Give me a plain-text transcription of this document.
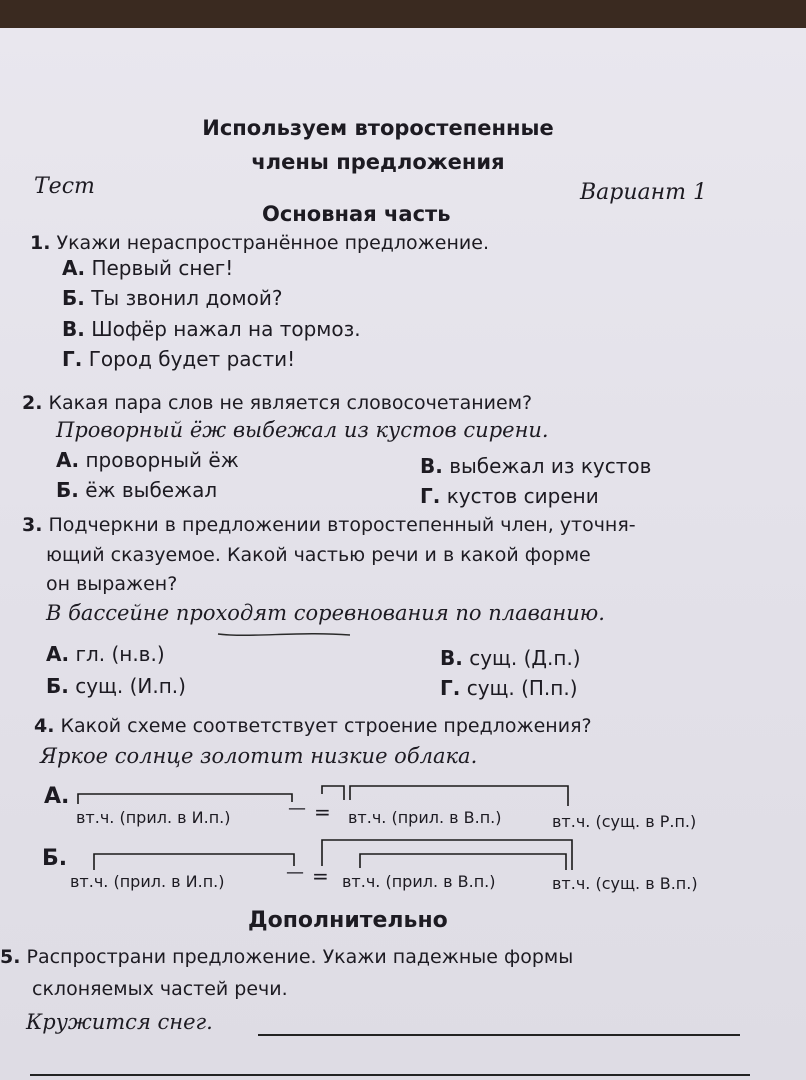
Используем второстепенные
члены предложения
Тест	Вариант 1
Основная часть
1. Укажи нераспространённое предложение.
А. Первый снег!
Б. Ты звонил домой?
В. Шофёр нажал на тормоз.
Г. Город будет расти!
2. Какая пара слов не является словосочетанием?
Проворный ёж выбежал из кустов сирени.
А. проворный ёж
Б. ёж выбежал
В. выбежал из кустов
Г. кустов сирени
3. Подчеркни в предложении второстепенный член, уточня-
ющий сказуемое. Какой частью речи и в какой форме
он выражен?
В бассейне проходят соревнования по плаванию.
А. гл. (н.в.)
Б. сущ. (И.п.)
В. сущ. (Д.п.)
Г. сущ. (П.п.)
4. Какой схеме соответствует строение предложения?
Яркое солнце золотит низкие облака.
А.
вт.ч. (прил. в И.п.)	— = вт.ч. (прил. в В.п.)	вт.ч. (сущ. в Р.п.)
Б.
вт.ч. (прил. в И.п.)	— = вт.ч. (прил. в В.п.)	вт.ч. (сущ. в В.п.)
Дополнительно
5. Распространи предложение. Укажи падежные формы
склоняемых частей речи.
Кружится снег.
